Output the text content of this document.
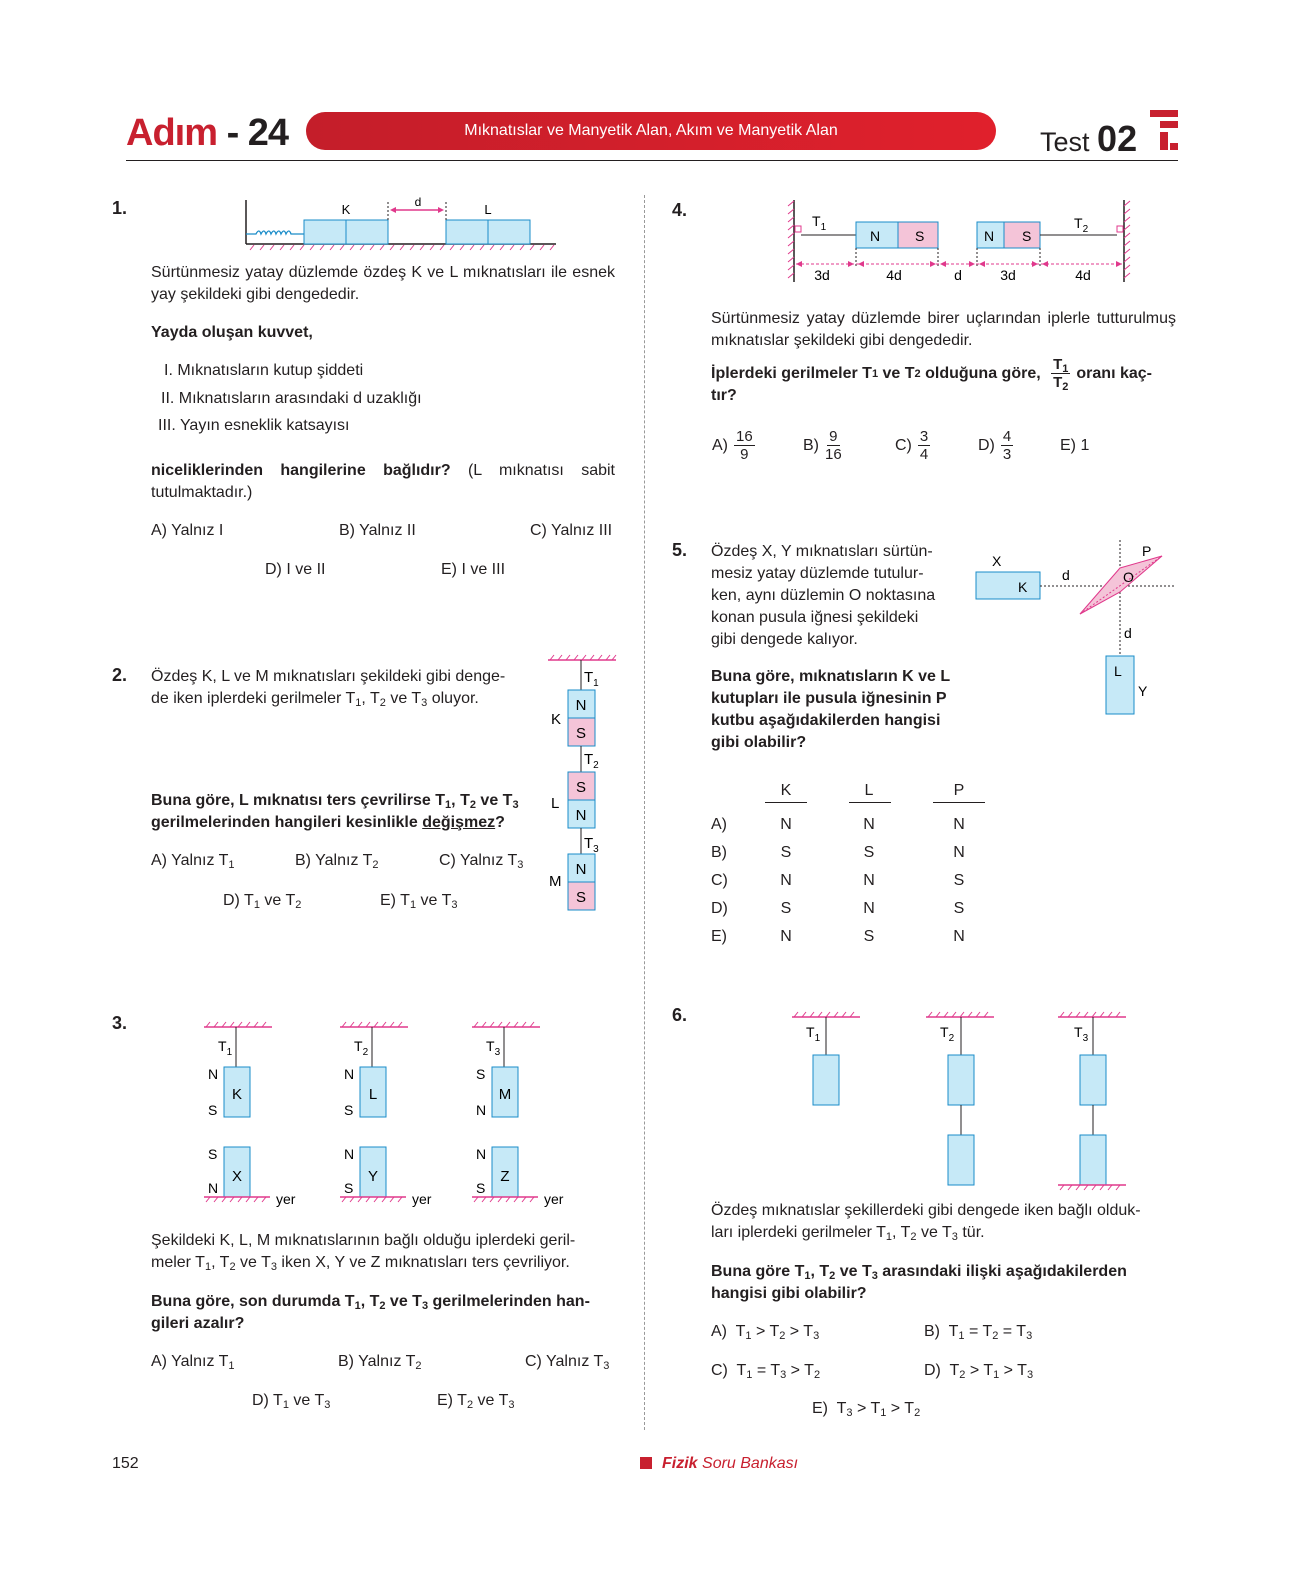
Adım - 24	Mıknatıslar ve Manyetik Alan, Akım ve Manyetik Alan	Test 02
1.	K	d	L
Sürtünmesiz yatay düzlemde özdeş K ve L mıknatısları ile esnek yay şekildeki gibi dengededir.
Yayda oluşan kuvvet,
I. Mıknatısların kutup şiddeti
II. Mıknatısların arasındaki d uzaklığı
III. Yayın esneklik katsayısı
niceliklerinden hangilerine bağlıdır? (L mıknatısı sabit tutulmaktadır.)
A) Yalnız I	B) Yalnız II	C) Yalnız III
D) I ve II	E) I ve III
2. Özdeş K, L ve M mıknatısları şekildeki gibi denge-
de iken iplerdeki gerilmeler $T_1$, $T_2$ ve $T_3$ oluyor.
Buna göre, L mıknatısı ters çevrilirse $T_1$, $T_2$ ve $T_3$
gerilmelerinden hangileri kesinlikle değişmez?
A) Yalnız $T_1$	B) Yalnız $T_2$	C) Yalnız $T_3$
D) $T_1$ ve $T_2$	E) $T_1$ ve $T_3$
N
S
S
N
N
S
K
L
M
$T_1$
$T_2$
$T_3$
3.
$T_1$
N
S
K
S
N
X
yer
$T_2$
N
S
L
N
S
Y
yer
$T_3$
S
N
M
N
S
Z
yer
Şekildeki K, L, M mıknatıslarının bağlı olduğu iplerdeki geril-
meler $T_1$, $T_2$ ve $T_3$ iken X, Y ve Z mıknatısları ters çevriliyor.
Buna göre, son durumda $T_1$, $T_2$ ve $T_3$ gerilmelerinden han-
gileri azalır?
A) Yalnız $T_1$	B) Yalnız $T_2$	C) Yalnız $T_3$
D) $T_1$ ve $T_3$	E) $T_2$ ve $T_3$
4.
N S	N S
$T_1$	$T_2$
3d	4d	d	3d	4d
Sürtünmesiz yatay düzlemde birer uçlarından iplerle tutturulmuş mıknatıslar şekildeki gibi dengededir.
İplerdeki gerilmeler T 1 ve T 2 olduğuna göre, $\frac{T_1}{T_2}$ oranı kaç-
tır?
$A) \frac{16}{9}$	$B) \frac{9}{16}$	$C) \frac{3}{4}$	$D) \frac{4}{3}$	E) 1
5. Özdeş X, Y mıknatısları sürtün-
mesiz yatay düzlemde tutulur-
ken, aynı düzlemin O noktasına
konan pusula iğnesi şekildeki
gibi dengede kalıyor.
Buna göre, mıknatısların K ve L
kutupları ile pusula iğnesinin P
kutbu aşağıdakilerden hangisi
gibi olabilir?
X
K
d
P
O
d
L
Y
K	L	P
A)	N	N	N
B)	S	S	N
C)	N	N	S
D)	S	N	S
E)	N	S	N
6.
$T_1$	$T_2$	$T_3$
Özdeş mıknatıslar şekillerdeki gibi dengede iken bağlı olduk-
ları iplerdeki gerilmeler $T_1$, $T_2$ ve $T_3$ tür.
Buna göre $T_1$, $T_2$ ve $T_3$ arasındaki ilişki aşağıdakilerden
hangisi gibi olabilir?
A)  $T_1 > T_2 > T_3$	B)  $T_1 = T_2 = T_3$
C)  $T_1 = T_3 > T_2$	D)  $T_2 > T_1 > T_3$
E)  $T_3 > T_1 > T_2$
152	Fizik Soru Bankası
